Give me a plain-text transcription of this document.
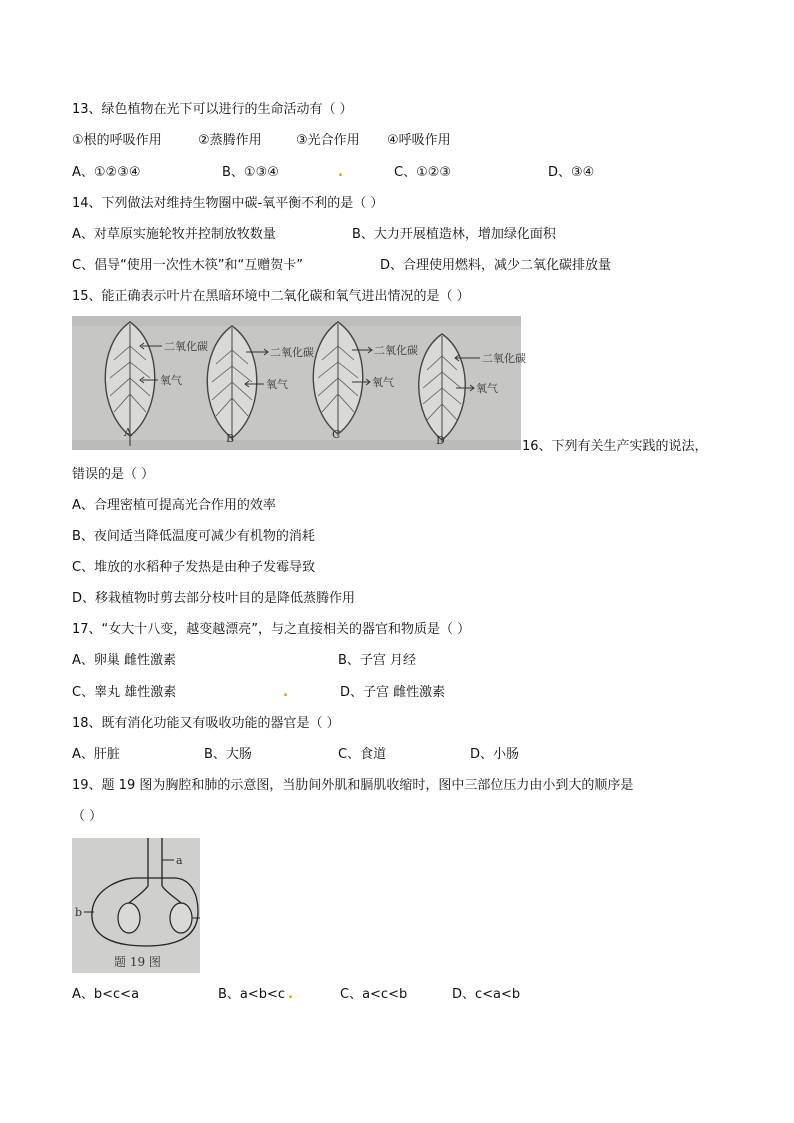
13、绿色植物在光下可以进行的生命活动有（ ）
①根的呼吸作用	②蒸腾作用	③光合作用 ④呼吸作用
A、①②③④	B、①③④	.	C、①②③	D、③④
14、下列做法对维持生物圈中碳-氧平衡不利的是（ ）
A、对草原实施轮牧并控制放牧数量	B、大力开展植造林，增加绿化面积
C、倡导“使用一次性木筷”和“互赠贺卡”	D、合理使用燃料，减少二氧化碳排放量
15、能正确表示叶片在黑暗环境中二氧化碳和氧气进出情况的是（ ）
二氧化碳
氧气
A
二氧化碳
氧气
B
二氧化碳
氧气
C
二氧化碳
氧气
D	16、下列有关生产实践的说法，
错误的是（ ）
A、合理密植可提高光合作用的效率
B、夜间适当降低温度可减少有机物的消耗
C、堆放的水稻种子发热是由种子发霉导致
D、移栽植物时剪去部分枝叶目的是降低蒸腾作用
17、“女大十八变，越变越漂亮”，与之直接相关的器官和物质是（ ）
A、卵巢 雌性激素	B、子宫 月经
C、睾丸 雄性激素	.	D、子宫 雌性激素
18、既有消化功能又有吸收功能的器官是（ ）
A、肝脏	B、大肠	C、食道	D、小肠
19、题 19 图为胸腔和肺的示意图，当肋间外肌和膈肌收缩时，图中三部位压力由小到大的顺序是
（ ）
a
b
题 19 图
A、b<c<a	B、a<b<c .	C、a<c<b	D、c<a<b
